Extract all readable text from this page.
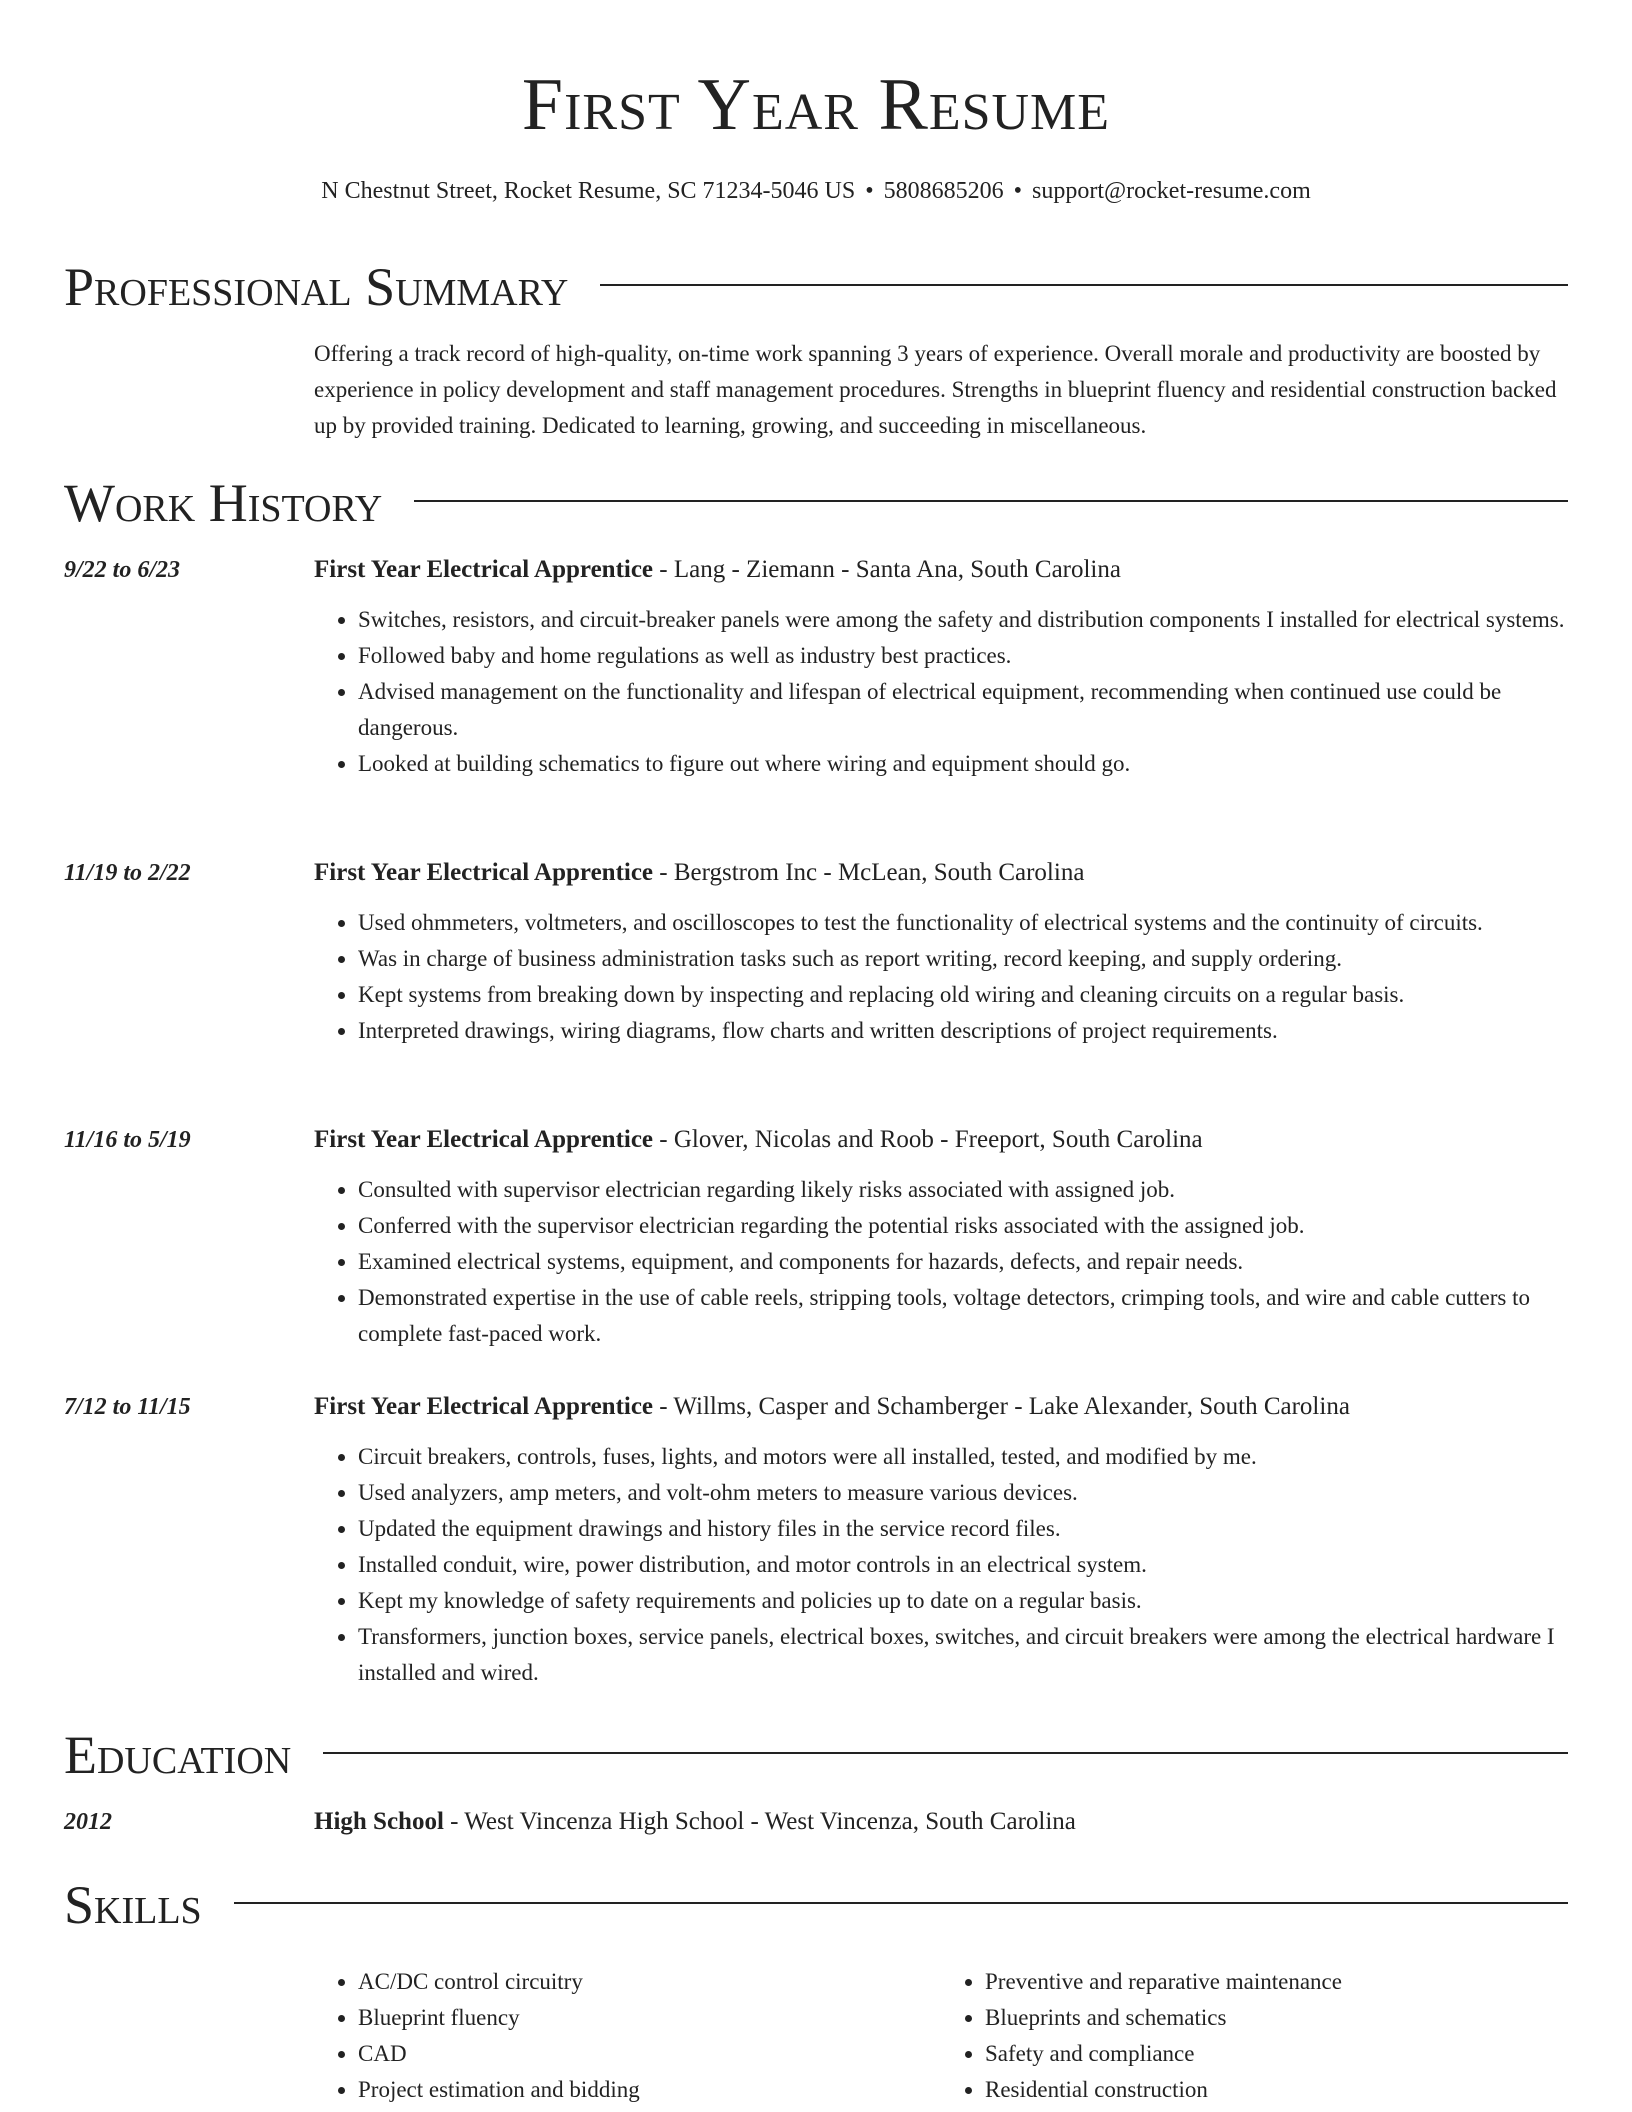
First Year Resume
N Chestnut Street, Rocket Resume, SC 71234-5046 US • 5808685206 • support@rocket-resume.com
Professional Summary
Offering a track record of high-quality, on-time work spanning 3 years of experience. Overall morale and productivity are boosted by experience in policy development and staff management procedures. Strengths in blueprint fluency and residential construction backed up by provided training. Dedicated to learning, growing, and succeeding in miscellaneous.
Work History
9/22 to 6/23	First Year Electrical Apprentice - Lang - Ziemann - Santa Ana, South Carolina
• Switches, resistors, and circuit-breaker panels were among the safety and distribution components I installed for electrical systems.
• Followed baby and home regulations as well as industry best practices.
• Advised management on the functionality and lifespan of electrical equipment, recommending when continued use could be dangerous.
• Looked at building schematics to figure out where wiring and equipment should go.
11/19 to 2/22	First Year Electrical Apprentice - Bergstrom Inc - McLean, South Carolina
• Used ohmmeters, voltmeters, and oscilloscopes to test the functionality of electrical systems and the continuity of circuits.
• Was in charge of business administration tasks such as report writing, record keeping, and supply ordering.
• Kept systems from breaking down by inspecting and replacing old wiring and cleaning circuits on a regular basis.
• Interpreted drawings, wiring diagrams, flow charts and written descriptions of project requirements.
11/16 to 5/19	First Year Electrical Apprentice - Glover, Nicolas and Roob - Freeport, South Carolina
• Consulted with supervisor electrician regarding likely risks associated with assigned job.
• Conferred with the supervisor electrician regarding the potential risks associated with the assigned job.
• Examined electrical systems, equipment, and components for hazards, defects, and repair needs.
• Demonstrated expertise in the use of cable reels, stripping tools, voltage detectors, crimping tools, and wire and cable cutters to complete fast-paced work.
7/12 to 11/15	First Year Electrical Apprentice - Willms, Casper and Schamberger - Lake Alexander, South Carolina
• Circuit breakers, controls, fuses, lights, and motors were all installed, tested, and modified by me.
• Used analyzers, amp meters, and volt-ohm meters to measure various devices.
• Updated the equipment drawings and history files in the service record files.
• Installed conduit, wire, power distribution, and motor controls in an electrical system.
• Kept my knowledge of safety requirements and policies up to date on a regular basis.
• Transformers, junction boxes, service panels, electrical boxes, switches, and circuit breakers were among the electrical hardware I installed and wired.
Education
2012	High School - West Vincenza High School - West Vincenza, South Carolina
Skills
• AC/DC control circuitry
• Blueprint fluency
• CAD
• Project estimation and bidding
• Preventive and reparative maintenance
• Blueprints and schematics
• Safety and compliance
• Residential construction
